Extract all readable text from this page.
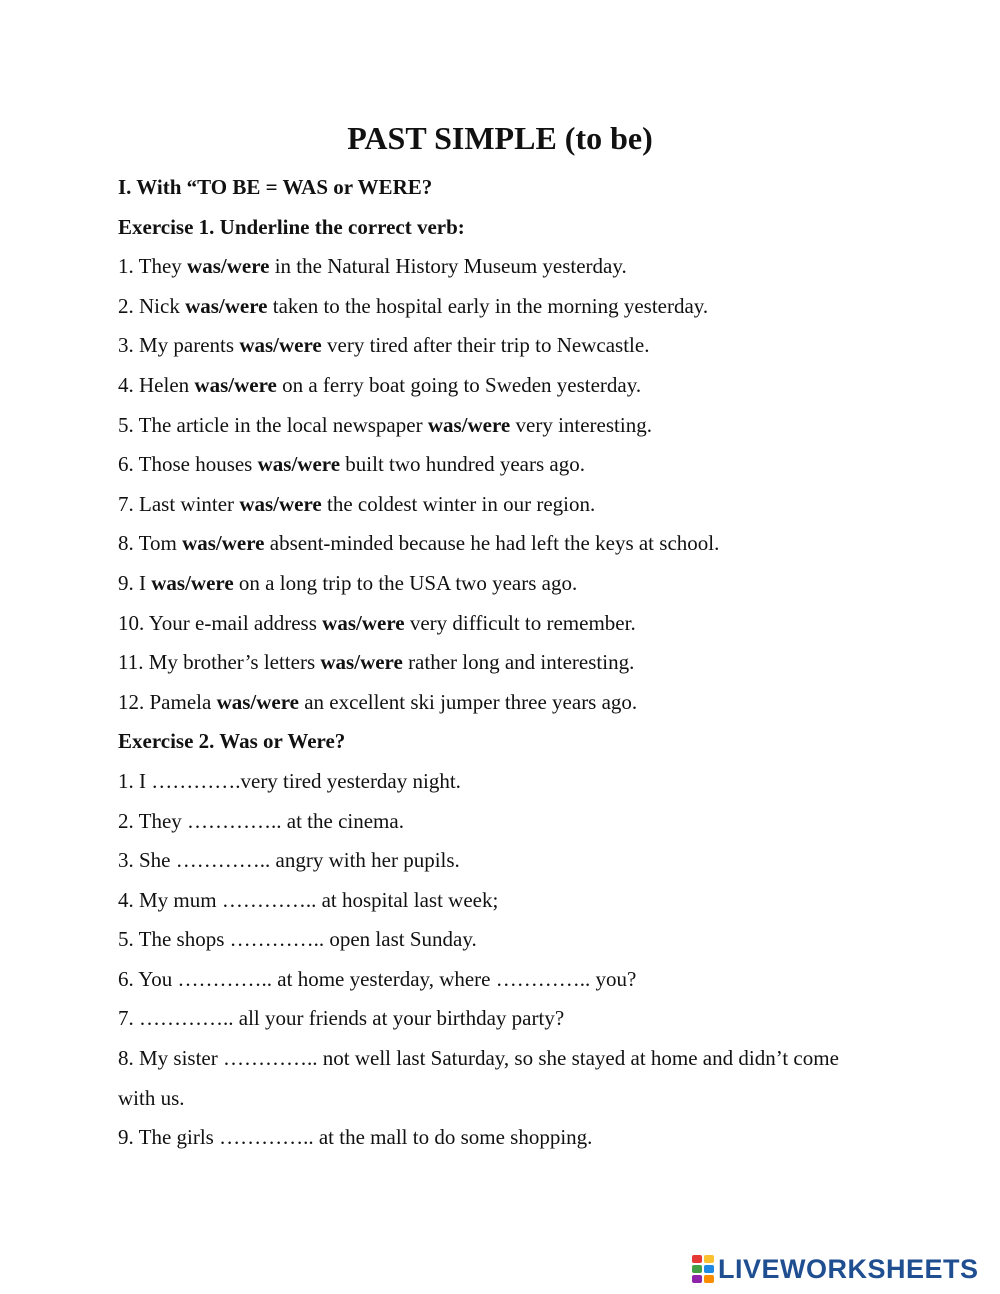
PAST SIMPLE (to be)

I. With “TO BE = WAS or WERE?

Exercise 1. Underline the correct verb:

1. They was/were in the Natural History Museum yesterday.

2. Nick was/were taken to the hospital early in the morning yesterday.

3. My parents was/were very tired after their trip to Newcastle.

4. Helen was/were on a ferry boat going to Sweden yesterday.

5. The article in the local newspaper was/were very interesting.

6. Those houses was/were built two hundred years ago.

7. Last winter was/were the coldest winter in our region.

8. Tom was/were absent-minded because he had left the keys at school.

9. I was/were on a long trip to the USA two years ago.

10. Your e-mail address was/were very difficult to remember.

11. My brother’s letters was/were rather long and interesting.

12. Pamela was/were an excellent ski jumper three years ago.

Exercise 2. Was or Were?

1. I ………….very tired yesterday night.

2. They ………….. at the cinema.

3. She ………….. angry with her pupils.

4. My mum ………….. at hospital last week;

5. The shops ………….. open last Sunday.

6. You ………….. at home yesterday, where ………….. you?

7. ………….. all your friends at your birthday party?

8. My sister ………….. not well last Saturday, so she stayed at home and didn’t come with us.

9. The girls ………….. at the mall to do some shopping.

LIVEWORKSHEETS
